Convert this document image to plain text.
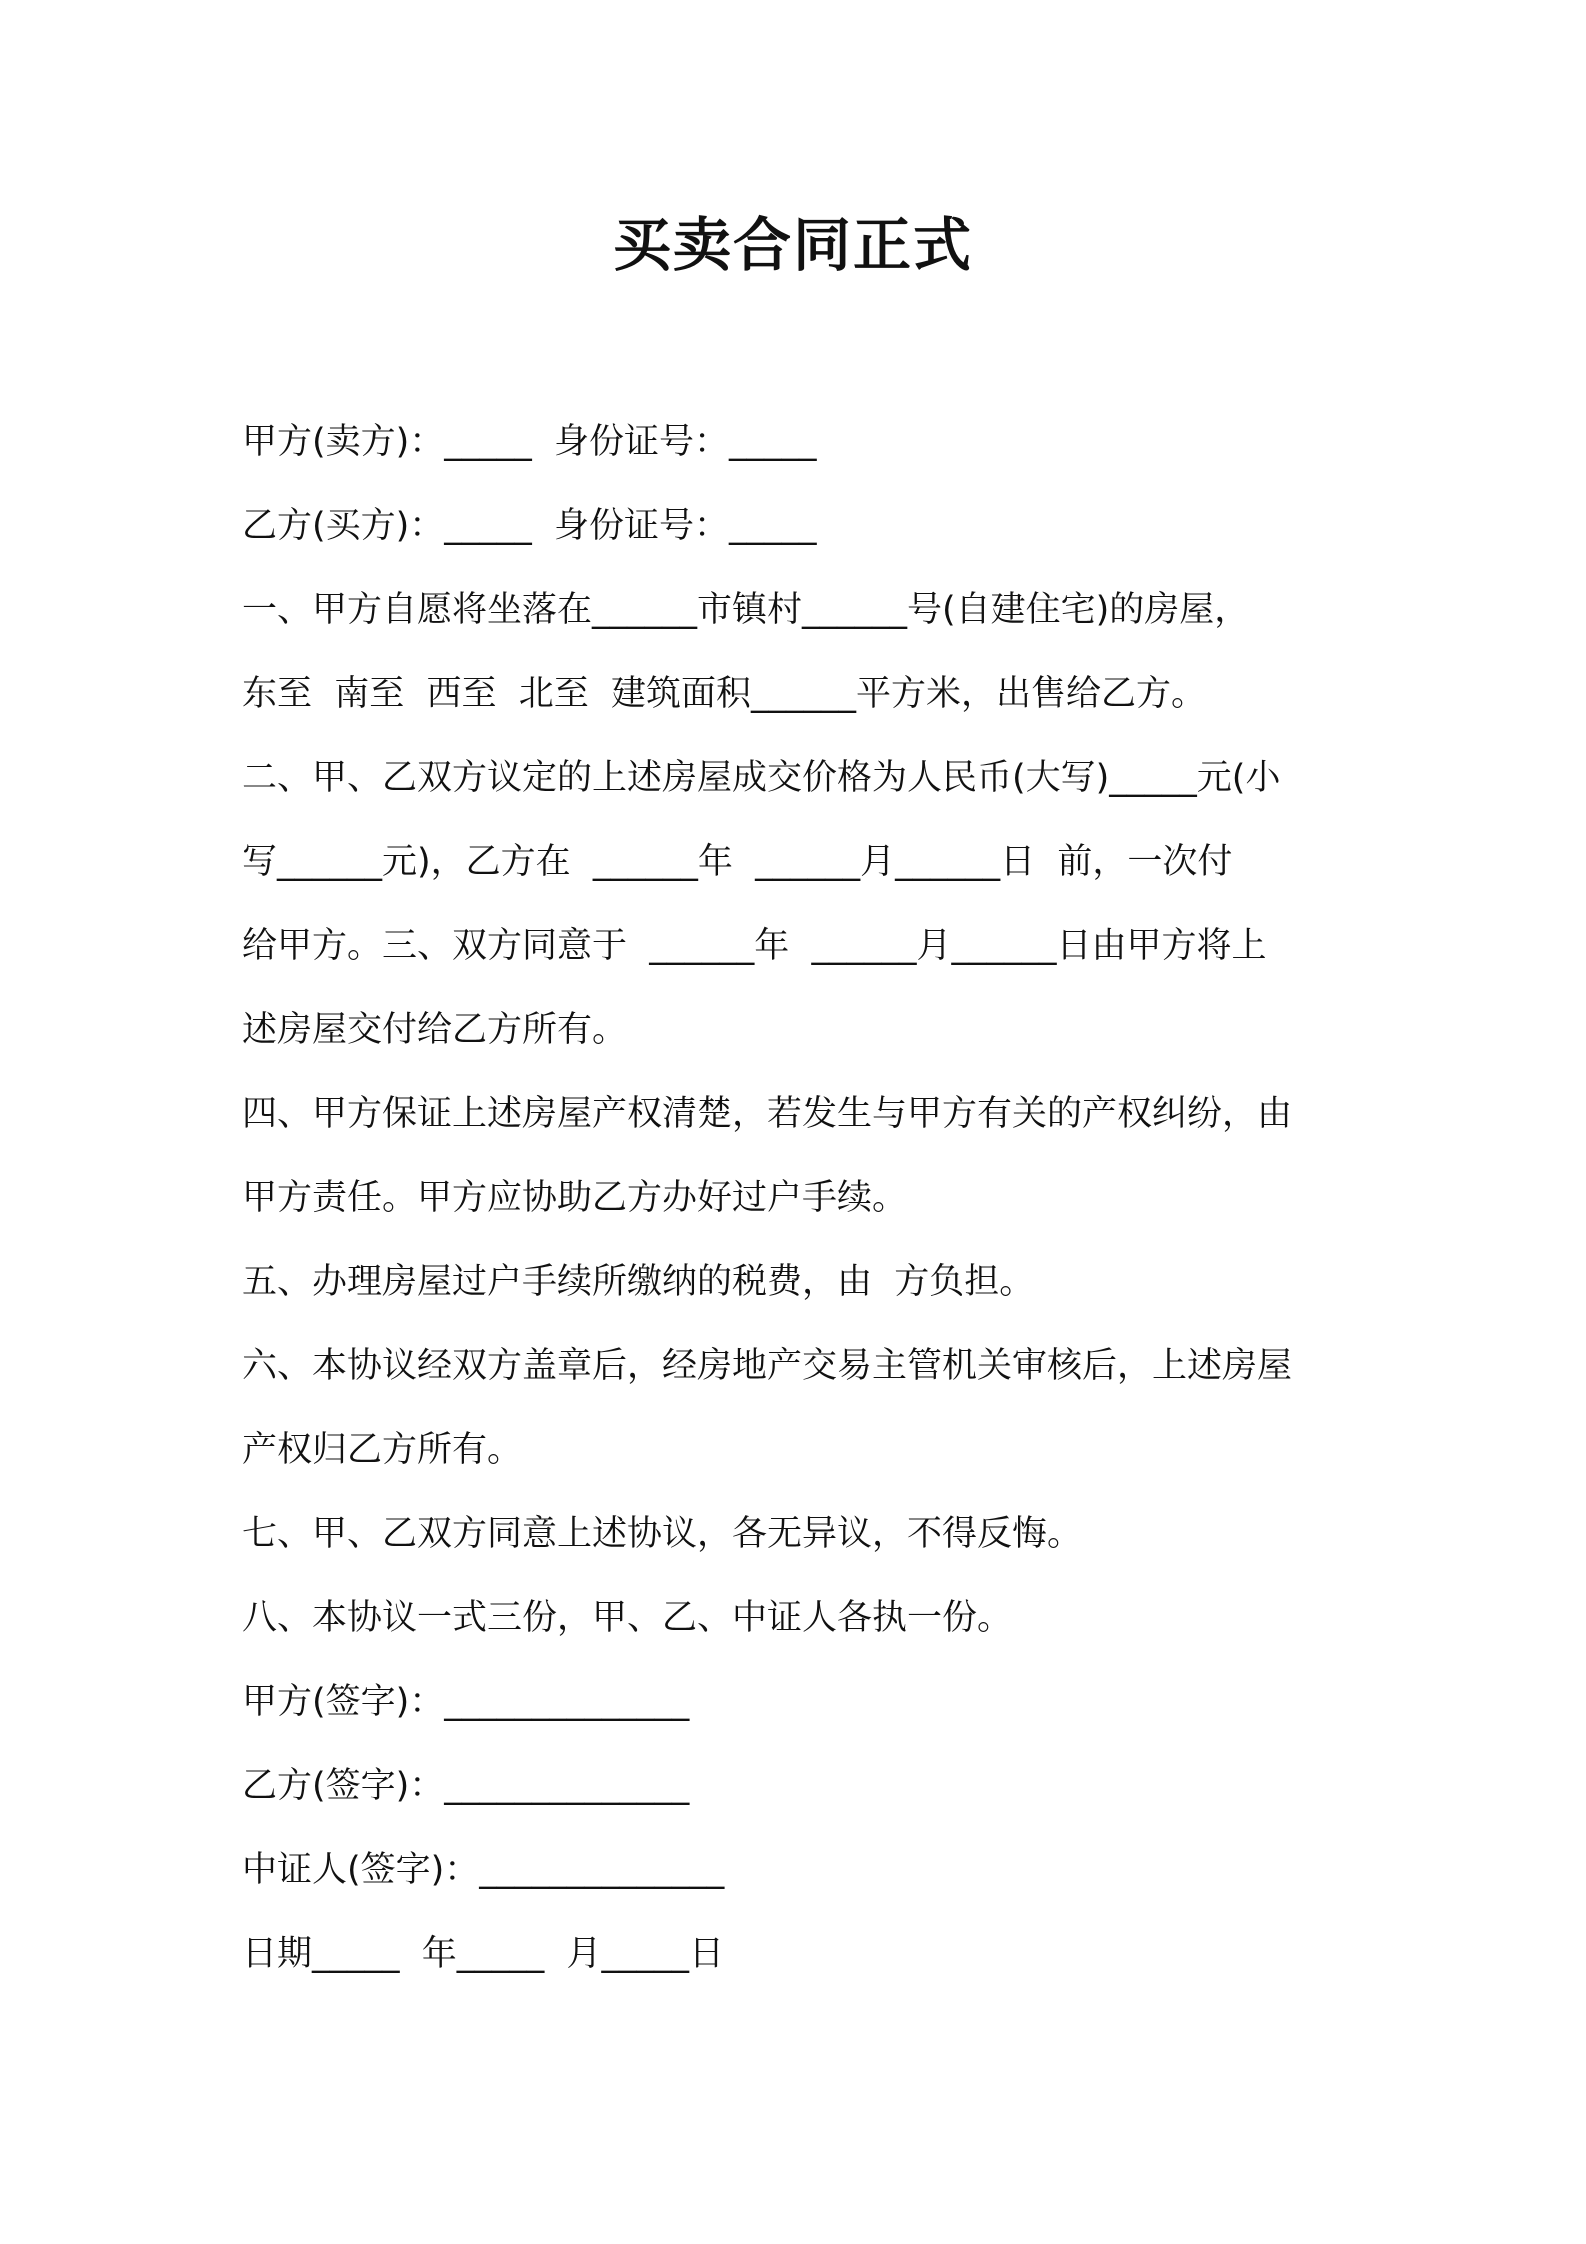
买卖合同正式
甲方(卖方)：_____  身份证号：_____
乙方(买方)：_____  身份证号：_____
一、甲方自愿将坐落在______市镇村______号(自建住宅)的房屋，
东至  南至  西至  北至  建筑面积______平方米，出售给乙方。
二、甲、乙双方议定的上述房屋成交价格为人民币(大写)_____元(小
写______元)，乙方在  ______年  ______月______日  前，一次付
给甲方。三、双方同意于  ______年  ______月______日由甲方将上
述房屋交付给乙方所有。
四、甲方保证上述房屋产权清楚，若发生与甲方有关的产权纠纷，由
甲方责任。甲方应协助乙方办好过户手续。
五、办理房屋过户手续所缴纳的税费，由  方负担。
六、本协议经双方盖章后，经房地产交易主管机关审核后，上述房屋
产权归乙方所有。
七、甲、乙双方同意上述协议，各无异议，不得反悔。
八、本协议一式三份，甲、乙、中证人各执一份。
甲方(签字)：______________
乙方(签字)：______________
中证人(签字)：______________
日期_____  年_____  月_____日
